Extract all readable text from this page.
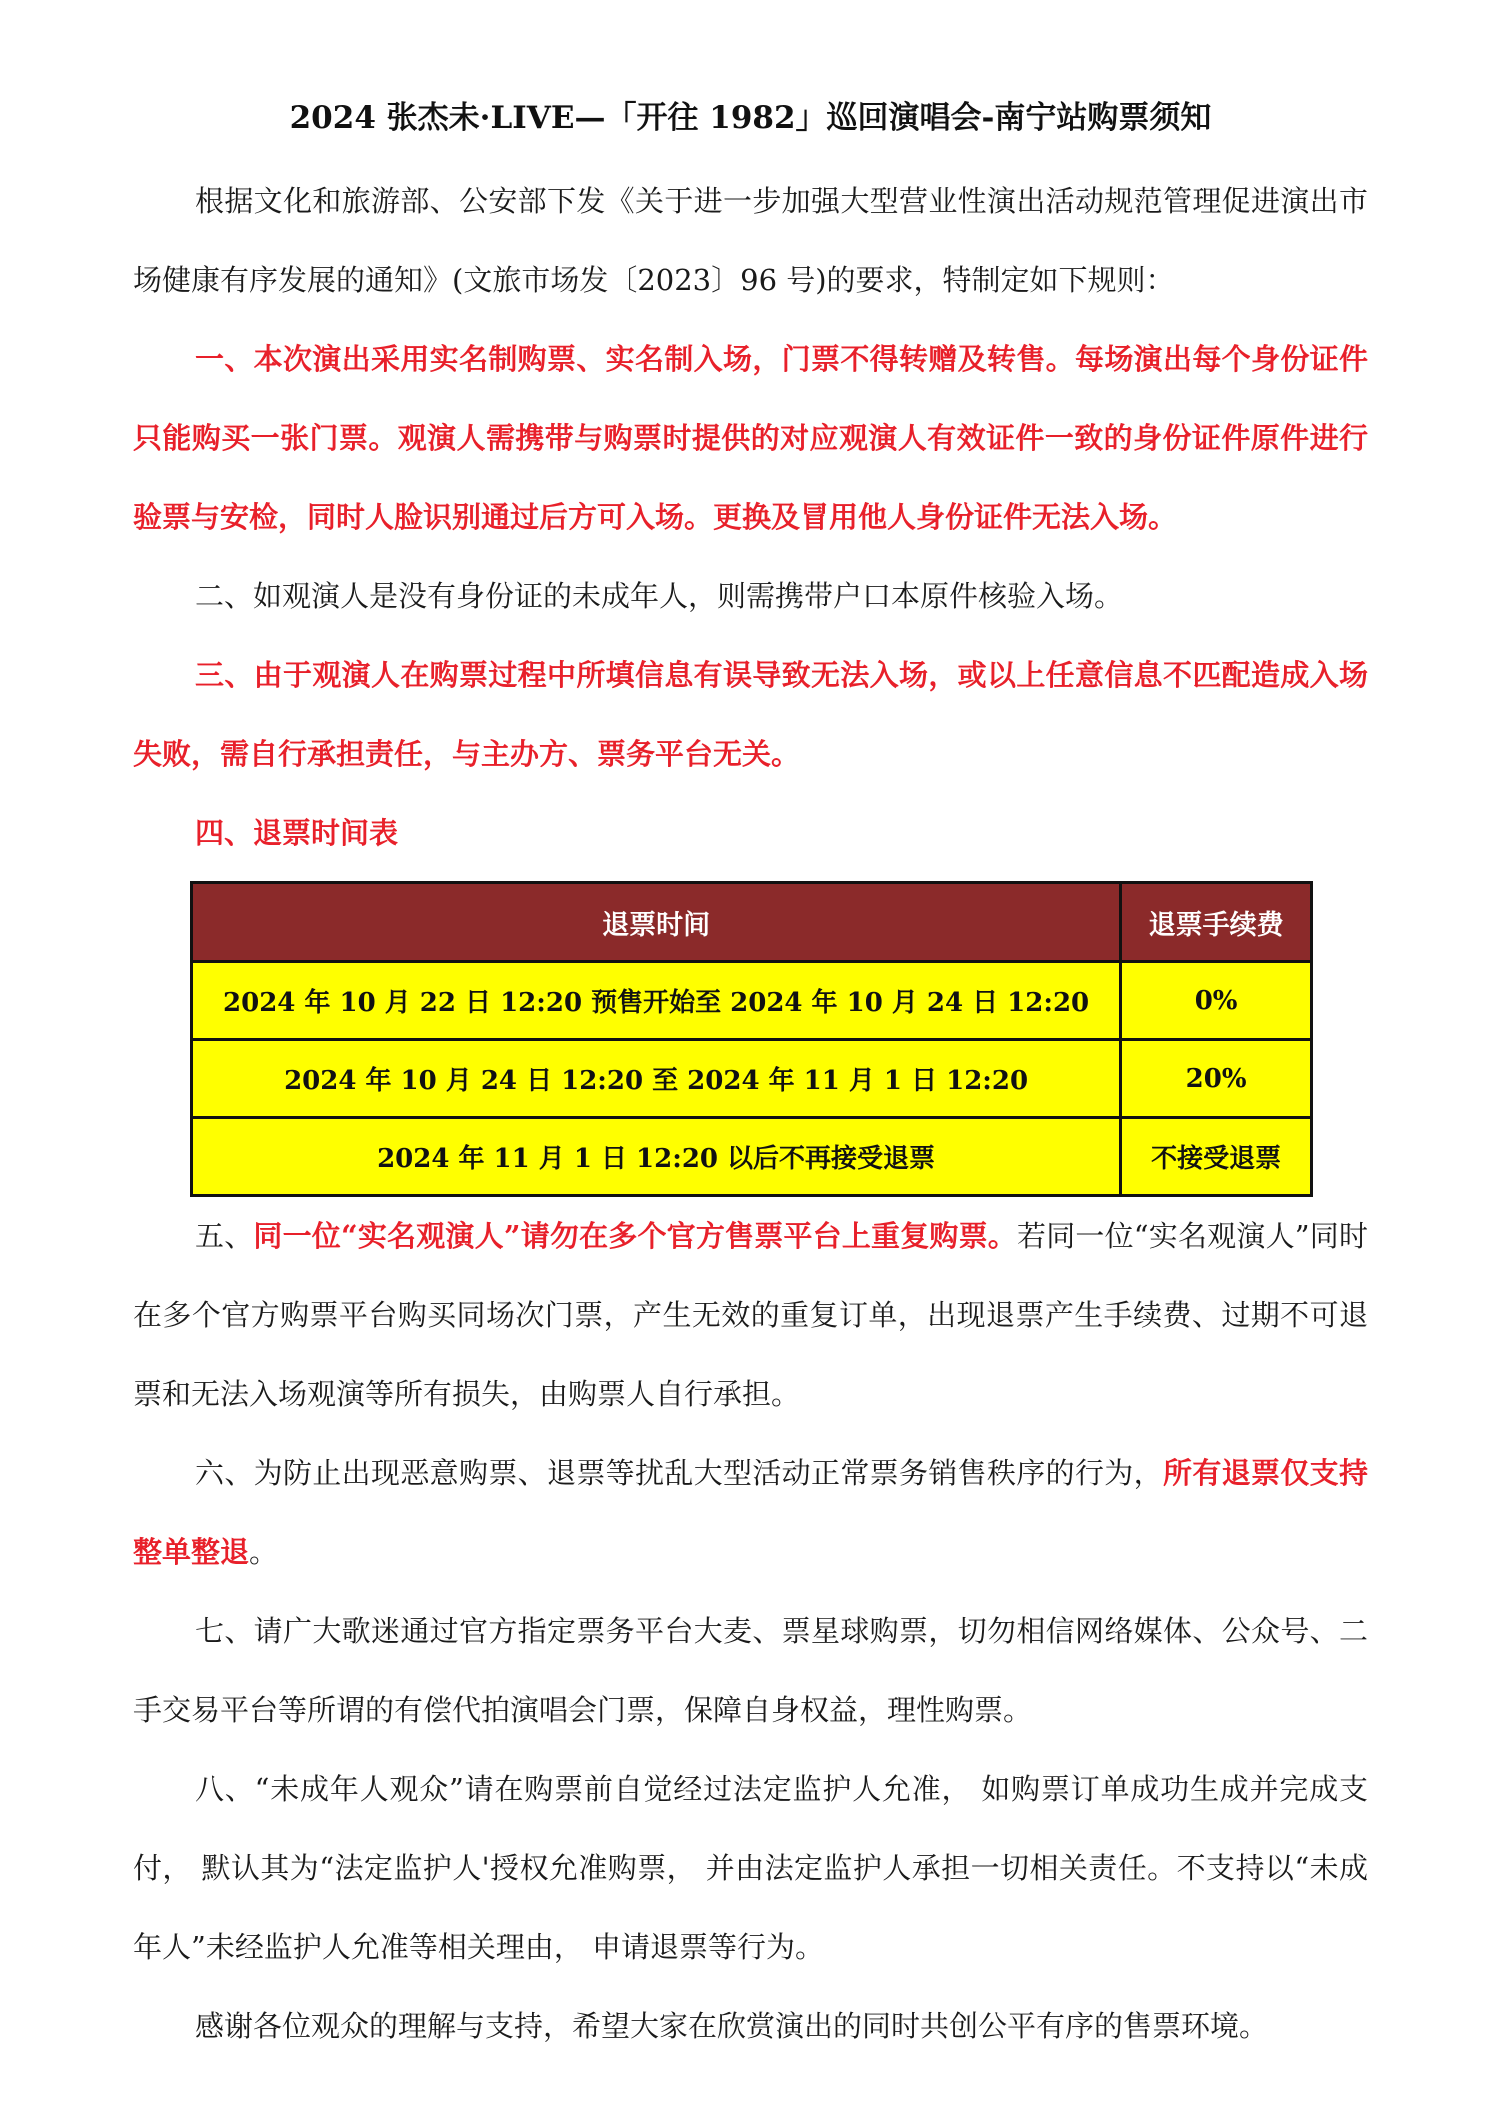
2024 张杰未·LIVE—「开往 1982」巡回演唱会-南宁站购票须知

根据文化和旅游部、公安部下发《关于进一步加强大型营业性演出活动规范管理促进演出市场健康有序发展的通知》(文旅市场发〔2023〕96 号)的要求，特制定如下规则：

一、本次演出采用实名制购票、实名制入场，门票不得转赠及转售。每场演出每个身份证件只能购买一张门票。观演人需携带与购票时提供的对应观演人有效证件一致的身份证件原件进行验票与安检，同时人脸识别通过后方可入场。更换及冒用他人身份证件无法入场。

二、如观演人是没有身份证的未成年人，则需携带户口本原件核验入场。

三、由于观演人在购票过程中所填信息有误导致无法入场，或以上任意信息不匹配造成入场失败，需自行承担责任，与主办方、票务平台无关。

四、退票时间表

退票时间	退票手续费
2024 年 10 月 22 日 12:20 预售开始至 2024 年 10 月 24 日 12:20	0%
2024 年 10 月 24 日 12:20 至 2024 年 11 月 1 日 12:20	20%
2024 年 11 月 1 日 12:20 以后不再接受退票	不接受退票

五、同一位“实名观演人”请勿在多个官方售票平台上重复购票。若同一位“实名观演人”同时在多个官方购票平台购买同场次门票，产生无效的重复订单，出现退票产生手续费、过期不可退票和无法入场观演等所有损失，由购票人自行承担。

六、为防止出现恶意购票、退票等扰乱大型活动正常票务销售秩序的行为，所有退票仅支持整单整退。

七、请广大歌迷通过官方指定票务平台大麦、票星球购票，切勿相信网络媒体、公众号、二手交易平台等所谓的有偿代拍演唱会门票，保障自身权益，理性购票。

八、“未成年人观众”请在购票前自觉经过法定监护人允准， 如购票订单成功生成并完成支付， 默认其为“法定监护人'授权允准购票， 并由法定监护人承担一切相关责任。不支持以“未成年人”未经监护人允准等相关理由， 申请退票等行为。

感谢各位观众的理解与支持，希望大家在欣赏演出的同时共创公平有序的售票环境。
